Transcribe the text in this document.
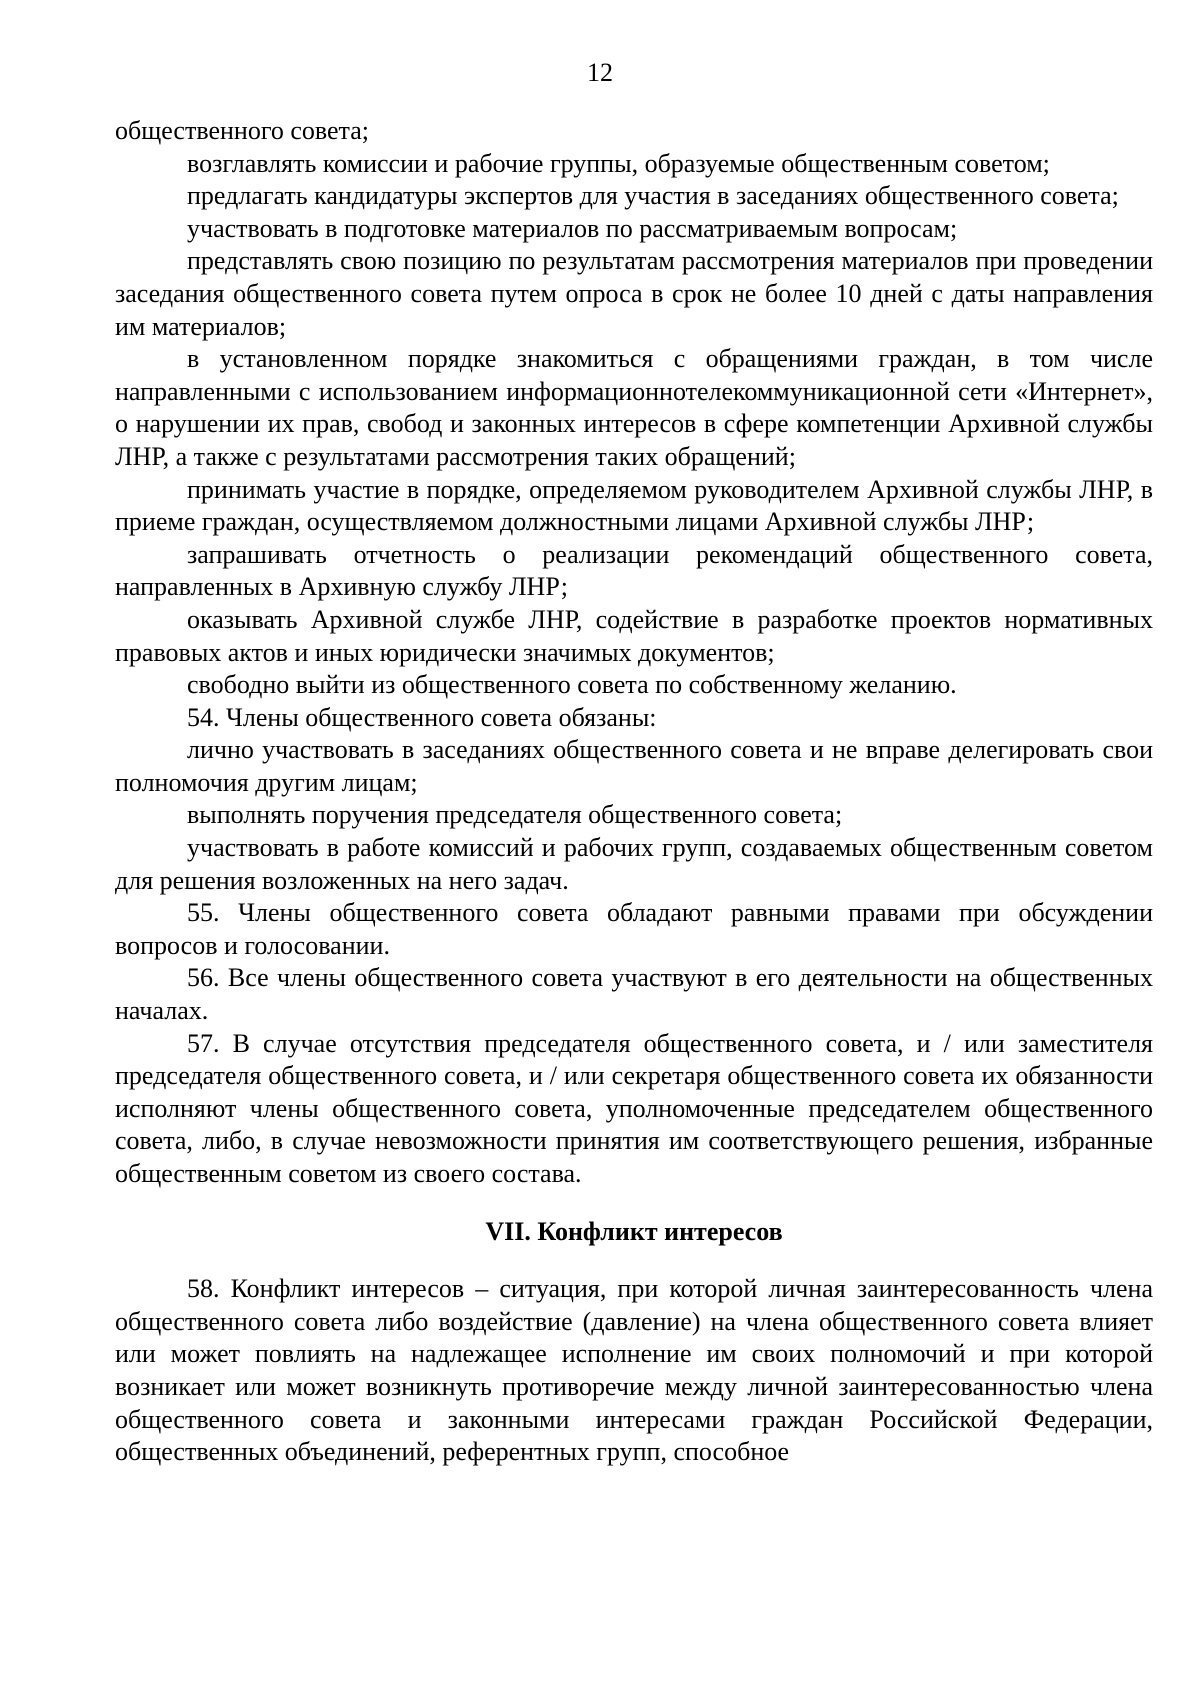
12

общественного совета;

возглавлять комиссии и рабочие группы, образуемые общественным советом;

предлагать кандидатуры экспертов для участия в заседаниях общественного совета;

участвовать в подготовке материалов по рассматриваемым вопросам;

представлять свою позицию по результатам рассмотрения материалов при проведении заседания общественного совета путем опроса в срок не более 10 дней с даты направления им материалов;

в установленном порядке знакомиться с обращениями граждан, в том числе направленными с использованием информационнотелекоммуникационной сети «Интернет», о нарушении их прав, свобод и законных интересов в сфере компетенции Архивной службы ЛНР, а также с результатами рассмотрения таких обращений;

принимать участие в порядке, определяемом руководителем Архивной службы ЛНР, в приеме граждан, осуществляемом должностными лицами Архивной службы ЛНР;

запрашивать отчетность о реализации рекомендаций общественного совета, направленных в Архивную службу ЛНР;

оказывать Архивной службе ЛНР, содействие в разработке проектов нормативных правовых актов и иных юридически значимых документов;

свободно выйти из общественного совета по собственному желанию.

54. Члены общественного совета обязаны:

лично участвовать в заседаниях общественного совета и не вправе делегировать свои полномочия другим лицам;

выполнять поручения председателя общественного совета;

участвовать в работе комиссий и рабочих групп, создаваемых общественным советом для решения возложенных на него задач.

55. Члены общественного совета обладают равными правами при обсуждении вопросов и голосовании.

56. Все члены общественного совета участвуют в его деятельности на общественных началах.

57. В случае отсутствия председателя общественного совета, и / или заместителя председателя общественного совета, и / или секретаря общественного совета их обязанности исполняют члены общественного совета, уполномоченные председателем общественного совета, либо, в случае невозможности принятия им соответствующего решения, избранные общественным советом из своего состава.

VII. Конфликт интересов

58. Конфликт интересов – ситуация, при которой личная заинтересованность члена общественного совета либо воздействие (давление) на члена общественного совета влияет или может повлиять на надлежащее исполнение им своих полномочий и при которой возникает или может возникнуть противоречие между личной заинтересованностью члена общественного совета и законными интересами граждан Российской Федерации, общественных объединений, референтных групп, способное
